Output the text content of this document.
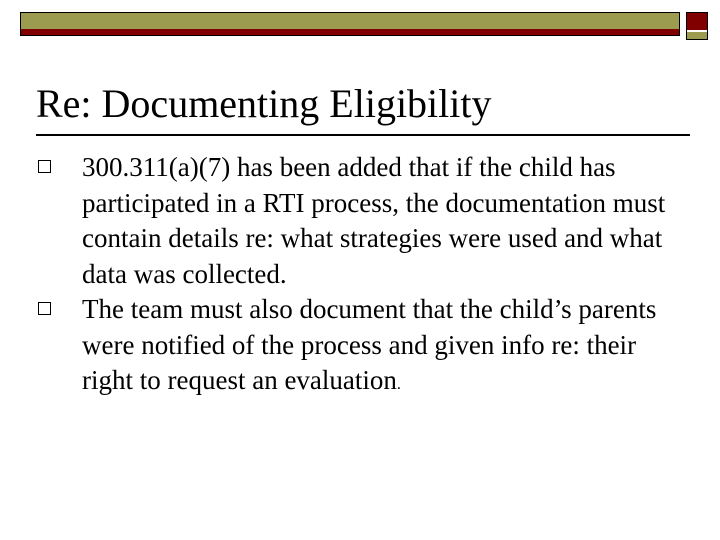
Re: Documenting Eligibility
300.311(a)(7) has been added that if the child has participated in a RTI process, the documentation must contain details re: what strategies were used and what data was collected.
The team must also document that the child’s parents were notified of the process and given info re: their right to request an evaluation.
